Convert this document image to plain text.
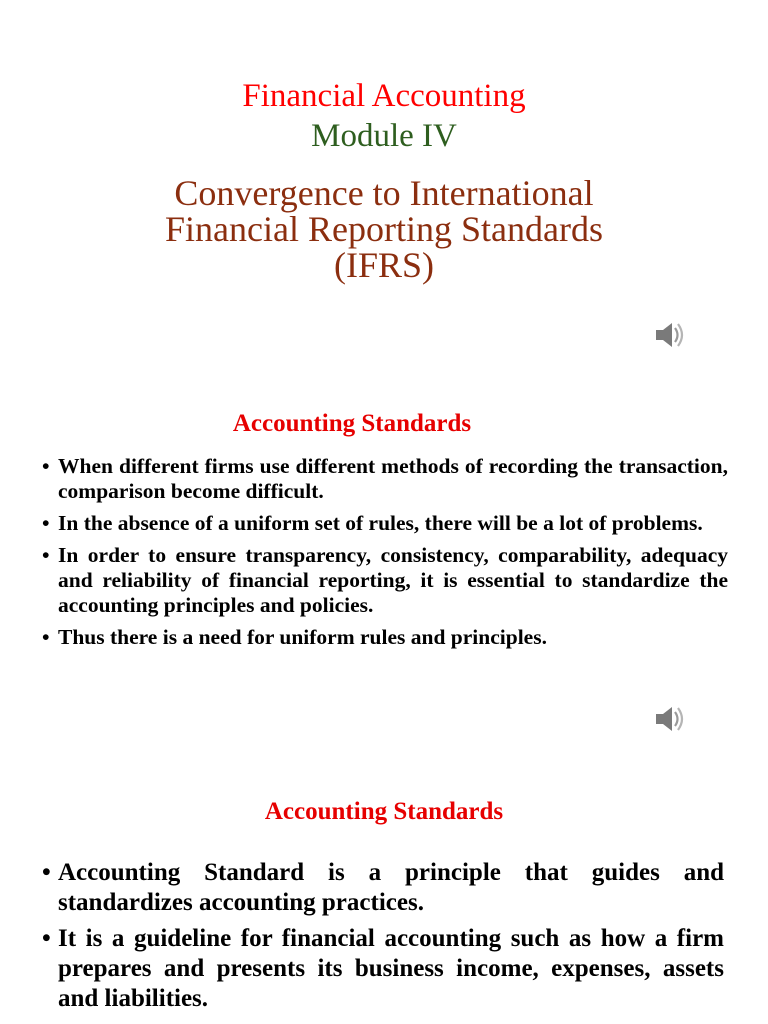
Financial Accounting
Module IV
Convergence to International
Financial Reporting Standards
(IFRS)
Accounting Standards
• When different firms use different methods of recording the transaction, comparison become difficult.
• In the absence of a uniform set of rules, there will be a lot of problems.
• In order to ensure transparency, consistency, comparability, adequacy and reliability of financial reporting, it is essential to standardize the accounting principles and policies.
• Thus there is a need for uniform rules and principles.
Accounting Standards
• Accounting Standard is a principle that guides and standardizes accounting practices.
• It is a guideline for financial accounting such as how a firm prepares and presents its business income, expenses, assets and liabilities.
